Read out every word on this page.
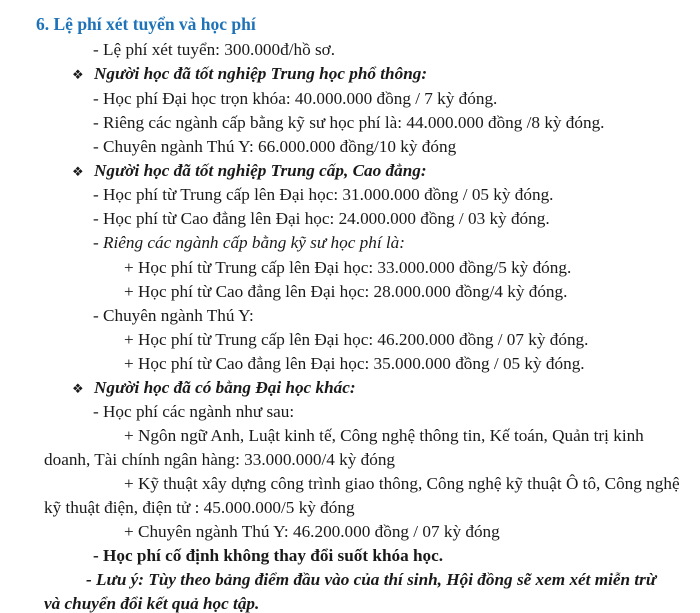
6. Lệ phí xét tuyển và học phí
- Lệ phí xét tuyển: 300.000đ/hồ sơ.
❖ Người học đã tốt nghiệp Trung học phổ thông:
- Học phí Đại học trọn khóa: 40.000.000 đồng / 7 kỳ đóng.
- Riêng các ngành cấp bằng kỹ sư học phí là: 44.000.000 đồng /8 kỳ đóng.
- Chuyên ngành Thú Y: 66.000.000 đồng/10 kỳ đóng
❖ Người học đã tốt nghiệp Trung cấp, Cao đẳng:
- Học phí từ Trung cấp lên Đại học: 31.000.000 đồng / 05 kỳ đóng.
- Học phí từ Cao đẳng lên Đại học: 24.000.000 đồng / 03 kỳ đóng.
- Riêng các ngành cấp bằng kỹ sư học phí là:
+ Học phí từ Trung cấp lên Đại học: 33.000.000 đồng/5 kỳ đóng.
+ Học phí từ Cao đẳng lên Đại học: 28.000.000 đồng/4 kỳ đóng.
- Chuyên ngành Thú Y:
+ Học phí từ Trung cấp lên Đại học: 46.200.000 đồng / 07 kỳ đóng.
+ Học phí từ Cao đẳng lên Đại học: 35.000.000 đồng / 05 kỳ đóng.
❖ Người học đã có bằng Đại học khác:
- Học phí các ngành như sau:
+ Ngôn ngữ Anh, Luật kinh tế, Công nghệ thông tin, Kế toán, Quản trị kinh
doanh, Tài chính ngân hàng: 33.000.000/4 kỳ đóng
+ Kỹ thuật xây dựng công trình giao thông, Công nghệ kỹ thuật Ô tô, Công nghệ
kỹ thuật điện, điện tử : 45.000.000/5 kỳ đóng
+ Chuyên ngành Thú Y: 46.200.000 đồng / 07 kỳ đóng
- Học phí cố định không thay đổi suốt khóa học.
- Lưu ý: Tùy theo bảng điểm đầu vào của thí sinh, Hội đồng sẽ xem xét miễn trừ
và chuyển đổi kết quả học tập.
